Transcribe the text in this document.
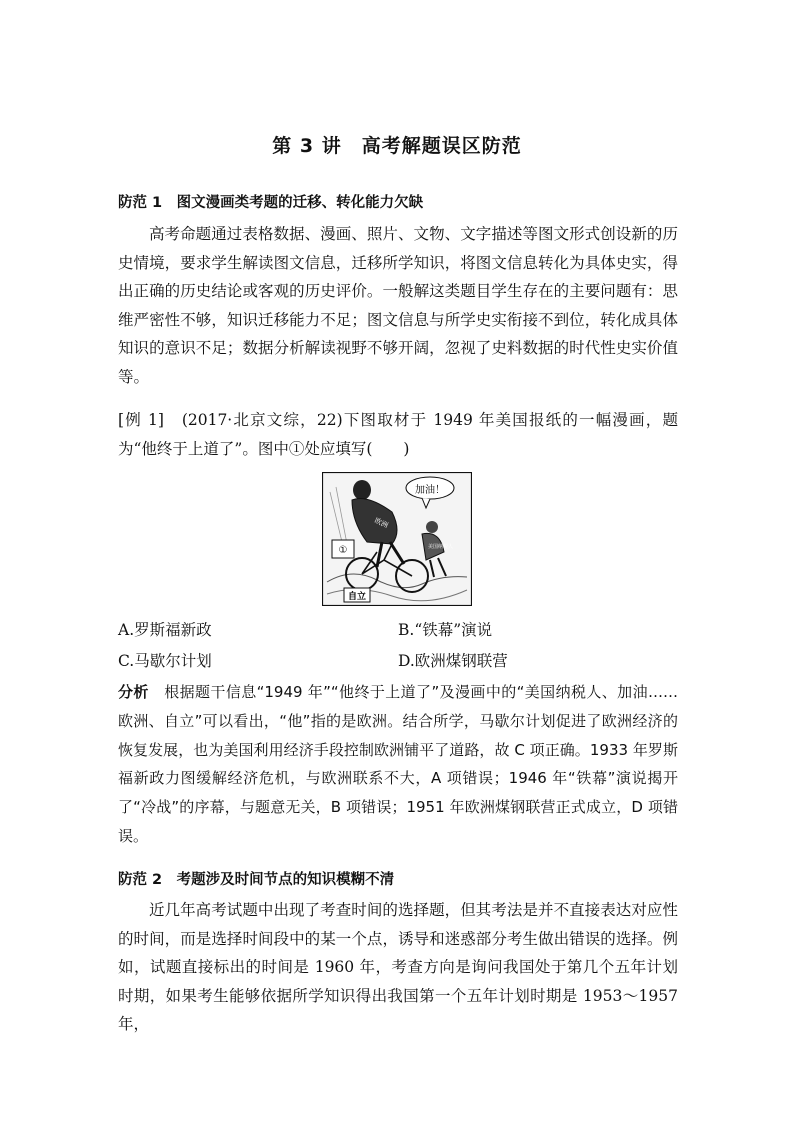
第 3 讲　高考解题误区防范
防范 1　图文漫画类考题的迁移、转化能力欠缺
高考命题通过表格数据、漫画、照片、文物、文字描述等图文形式创设新的历史情境，要求学生解读图文信息，迁移所学知识，将图文信息转化为具体史实，得出正确的历史结论或客观的历史评价。一般解这类题目学生存在的主要问题有：思维严密性不够，知识迁移能力不足；图文信息与所学史实衔接不到位，转化成具体知识的意识不足；数据分析解读视野不够开阔，忽视了史料数据的时代性史实价值等。
[例 1]　(2017·北京文综，22)下图取材于 1949 年美国报纸的一幅漫画，题为“他终于上道了”。图中①处应填写(　　)
加油！
欧洲
美国纳税人
①
自立
A.罗斯福新政	B.“铁幕”演说
C.马歇尔计划	D.欧洲煤钢联营
分析　 根据题干信息“1949 年”“他终于上道了”及漫画中的“美国纳税人、加油……欧洲、自立”可以看出，“他”指的是欧洲。结合所学，马歇尔计划促进了欧洲经济的恢复发展，也为美国利用经济手段控制欧洲铺平了道路，故 C 项正确。1933 年罗斯福新政力图缓解经济危机，与欧洲联系不大，A 项错误；1946 年“铁幕”演说揭开了“冷战”的序幕，与题意无关，B 项错误；1951 年欧洲煤钢联营正式成立，D 项错误。
防范 2　考题涉及时间节点的知识模糊不清
近几年高考试题中出现了考查时间的选择题，但其考法是并不直接表达对应性的时间，而是选择时间段中的某一个点，诱导和迷惑部分考生做出错误的选择。例如，试题直接标出的时间是 1960 年，考查方向是询问我国处于第几个五年计划时期，如果考生能够依据所学知识得出我国第一个五年计划时期是 1953～1957 年，
